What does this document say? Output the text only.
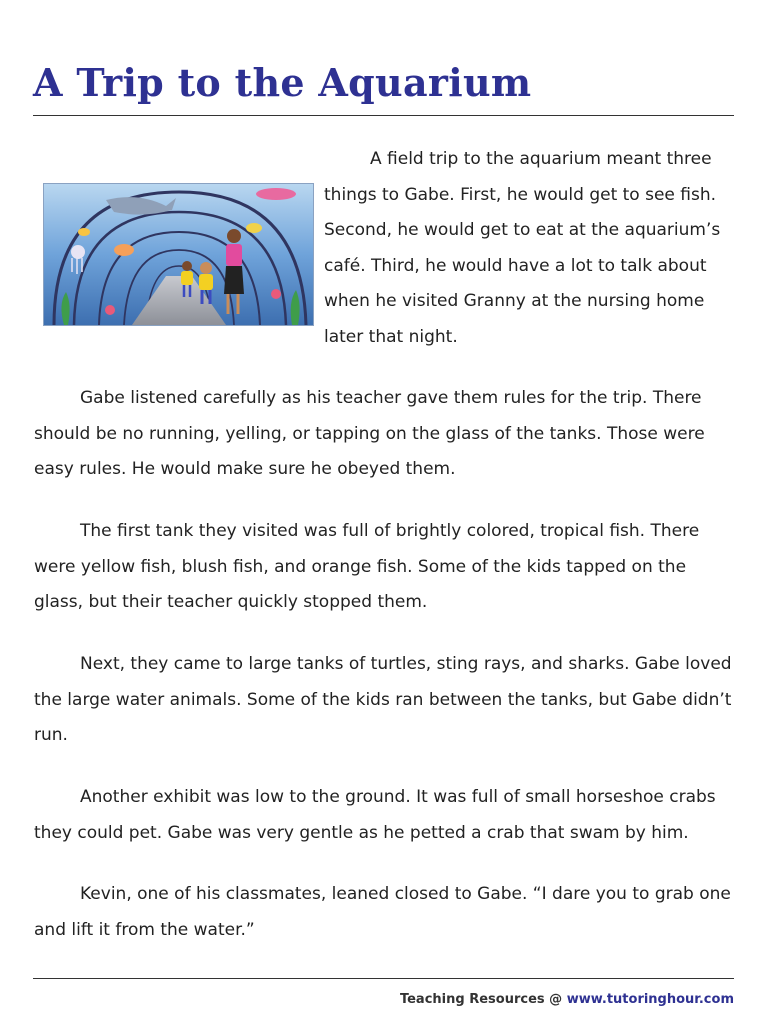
A Trip to the Aquarium

A field trip to the aquarium meant three things to Gabe. First, he would get to see fish. Second, he would get to eat at the aquarium’s café. Third, he would have a lot to talk about when he visited Granny at the nursing home later that night.

Gabe listened carefully as his teacher gave them rules for the trip. There should be no running, yelling, or tapping on the glass of the tanks. Those were easy rules. He would make sure he obeyed them.

The first tank they visited was full of brightly colored, tropical fish. There were yellow fish, blush fish, and orange fish. Some of the kids tapped on the glass, but their teacher quickly stopped them.

Next, they came to large tanks of turtles, sting rays, and sharks. Gabe loved the large water animals. Some of the kids ran between the tanks, but Gabe didn’t run.

Another exhibit was low to the ground. It was full of small horseshoe crabs they could pet. Gabe was very gentle as he petted a crab that swam by him.

Kevin, one of his classmates, leaned closed to Gabe. “I dare you to grab one and lift it from the water.”

Teaching Resources @ www.tutoringhour.com
